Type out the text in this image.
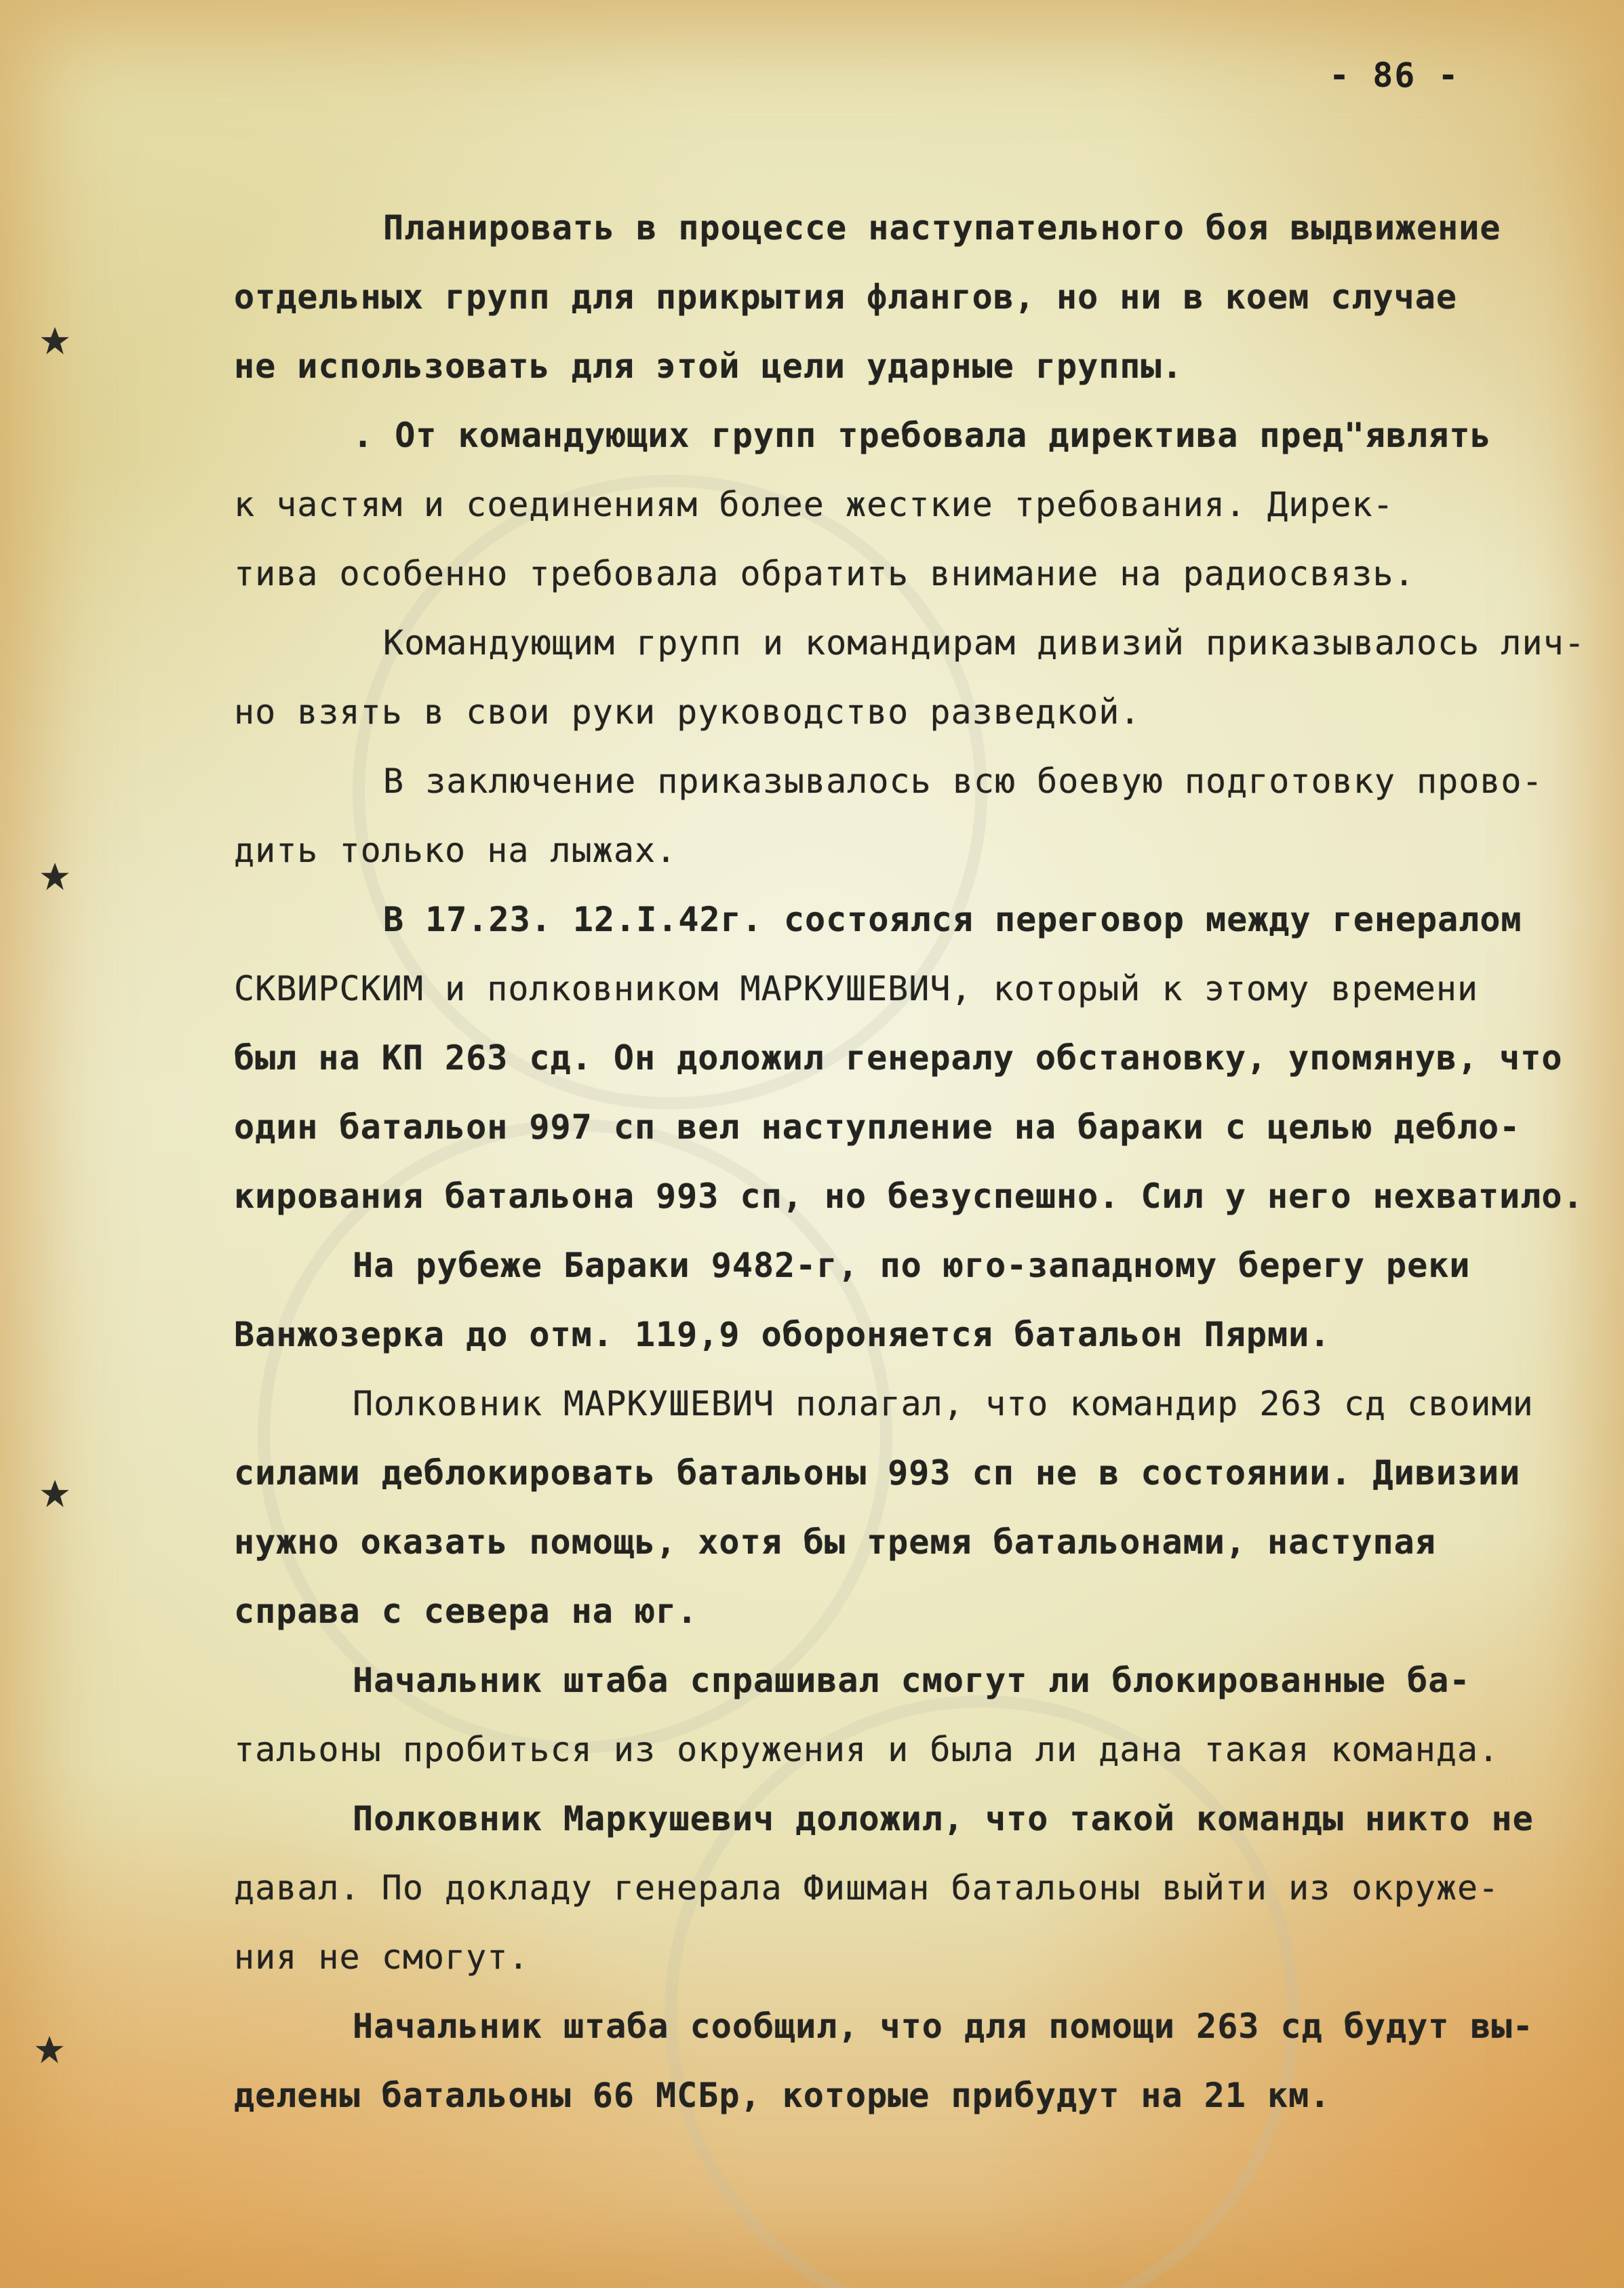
- 86 -
Планировать в процессе наступательного боя выдвижение
отдельных групп для прикрытия флангов, но ни в коем случае
не использовать для этой цели ударные группы.
. От командующих групп требовала директива пред"являть
к частям и соединениям более жесткие требования. Дирек-
тива особенно требовала обратить внимание на радиосвязь.
Командующим групп и командирам дивизий приказывалось лич-
но взять в свои руки руководство разведкой.
В заключение приказывалось всю боевую подготовку прово-
дить только на лыжах.
В 17.23. 12.I.42г. состоялся переговор между генералом
СКВИРСКИМ и полковником МАРКУШЕВИЧ, который к этому времени
был на КП 263 сд. Он доложил генералу обстановку, упомянув, что
один батальон 997 сп вел наступление на бараки с целью дебло-
кирования батальона 993 сп, но безуспешно. Сил у него нехватило.
На рубеже Бараки 9482-г, по юго-западному берегу реки
Ванжозерка до отм. 119,9 обороняется батальон Пярми.
Полковник МАРКУШЕВИЧ полагал, что командир 263 сд своими
силами деблокировать батальоны 993 сп не в состоянии. Дивизии
нужно оказать помощь, хотя бы тремя батальонами, наступая
справа с севера на юг.
Начальник штаба спрашивал смогут ли блокированные ба-
тальоны пробиться из окружения и была ли дана такая команда.
Полковник Маркушевич доложил, что такой команды никто не
давал. По докладу генерала Фишман батальоны выйти из окруже-
ния не смогут.
Начальник штаба сообщил, что для помощи 263 сд будут вы-
делены батальоны 66 МСБр, которые прибудут на 21 км.
